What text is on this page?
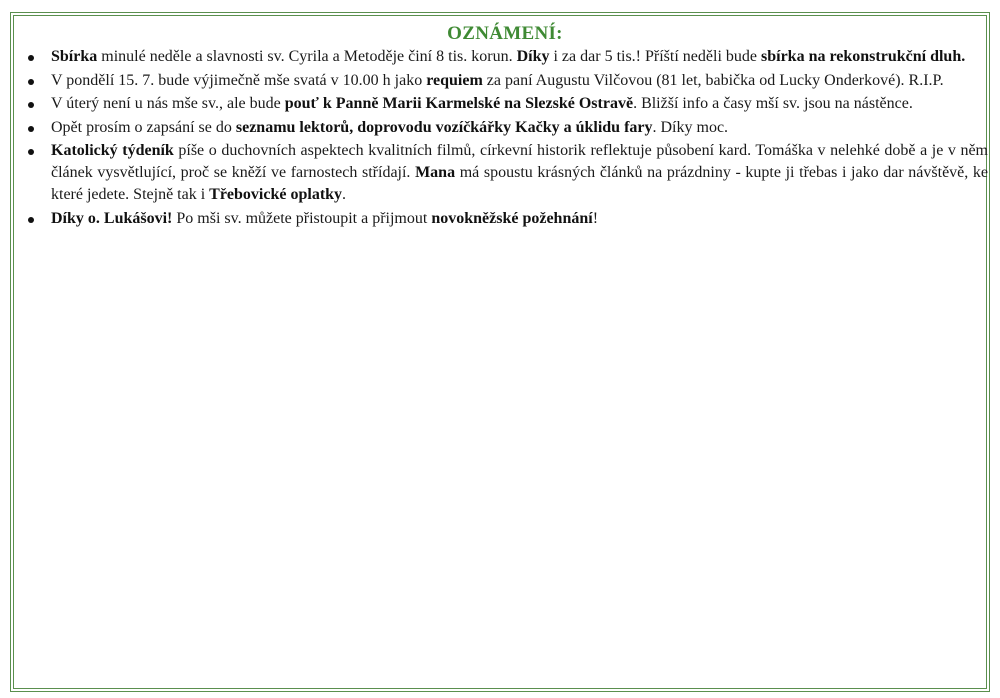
OZNÁMENÍ:
Sbírka minulé neděle a slavnosti sv. Cyrila a Metoděje činí 8 tis. korun. Díky i za dar 5 tis.! Příští neděli bude sbírka na rekonstrukční dluh.
V pondělí 15. 7. bude výjimečně mše svatá v 10.00 h jako requiem za paní Augustu Vilčovou (81 let, babička od Lucky Onderkové). R.I.P.
V úterý není u nás mše sv., ale bude pouť k Panně Marii Karmelské na Slezské Ostravě. Bližší info a časy mší sv. jsou na nástěnce.
Opět prosím o zapsání se do seznamu lektorů, doprovodu vozíčkářky Kačky a úklidu fary. Díky moc.
Katolický týdeník píše o duchovních aspektech kvalitních filmů, církevní historik reflektuje působení kard. Tomáška v nelehké době a je v něm článek vysvětlující, proč se kněží ve farnostech střídají. Mana má spoustu krásných článků na prázdniny - kupte ji třebas i jako dar návštěvě, ke které jedete. Stejně tak i Třebovické oplatky.
Díky o. Lukášovi! Po mši sv. můžete přistoupit a přijmout novokněžské požehnání!
